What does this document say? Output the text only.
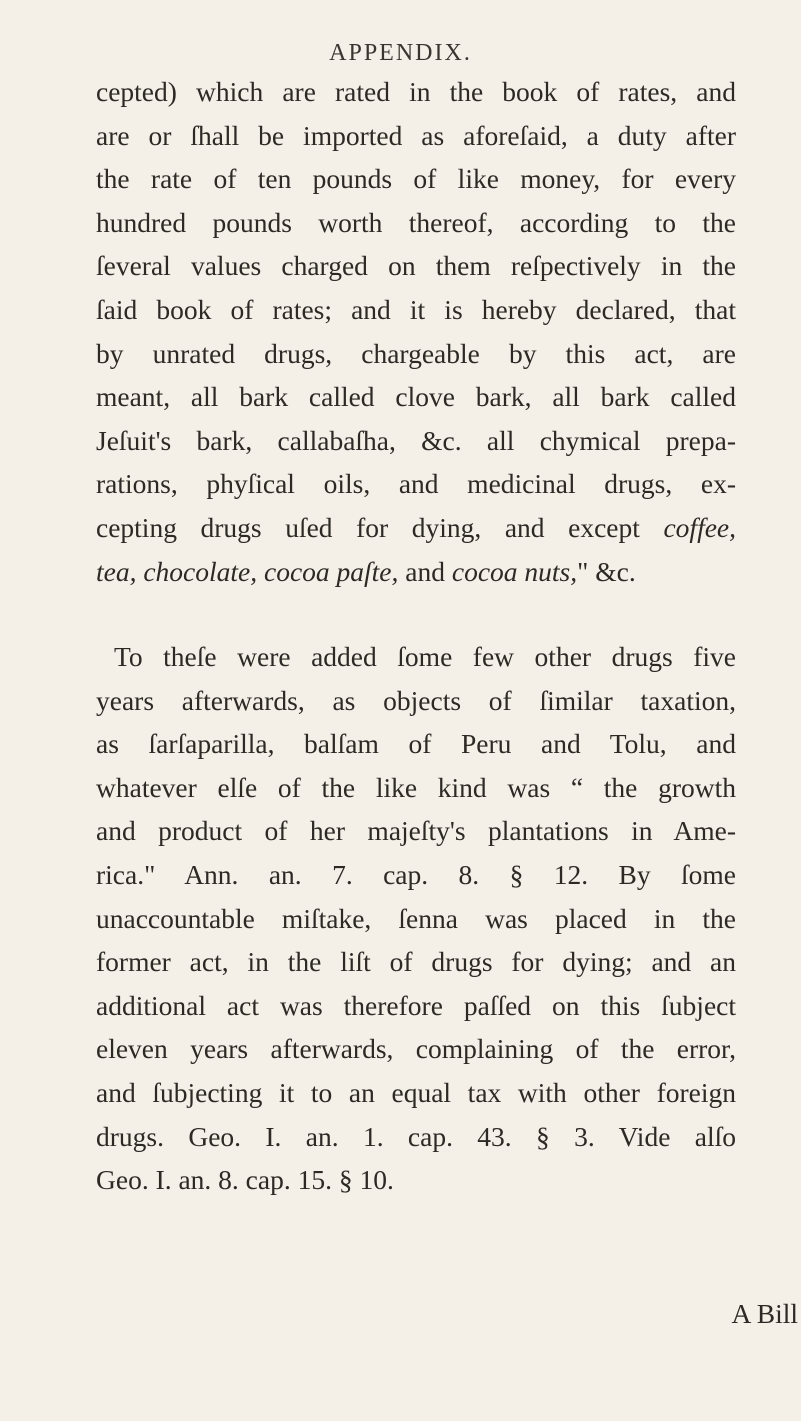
APPENDIX.
cepted) which are rated in the book of rates, and
are or ſhall be imported as aforeſaid, a duty after
the rate of ten pounds of like money, for every
hundred pounds worth thereof, according to the
ſeveral values charged on them reſpectively in the
ſaid book of rates; and it is hereby declared, that
by unrated drugs, chargeable by this act, are
meant, all bark called clove bark, all bark called
Jeſuit's bark, callabaſha, &c. all chymical prepa-
rations, phyſical oils, and medicinal drugs, ex-
cepting drugs uſed for dying, and except coffee,
tea, chocolate, cocoa paſte, and cocoa nuts," &c.
To theſe were added ſome few other drugs five
years afterwards, as objects of ſimilar taxation,
as ſarſaparilla, balſam of Peru and Tolu, and
whatever elſe of the like kind was “ the growth
and product of her majeſty's plantations in Ame-
rica." Ann. an. 7. cap. 8. § 12. By ſome
unaccountable miſtake, ſenna was placed in the
former act, in the liſt of drugs for dying; and an
additional act was therefore paſſed on this ſubject
eleven years afterwards, complaining of the error,
and ſubjecting it to an equal tax with other foreign
drugs. Geo. I. an. 1. cap. 43. § 3. Vide alſo
Geo. I. an. 8. cap. 15. § 10.
A Bill
